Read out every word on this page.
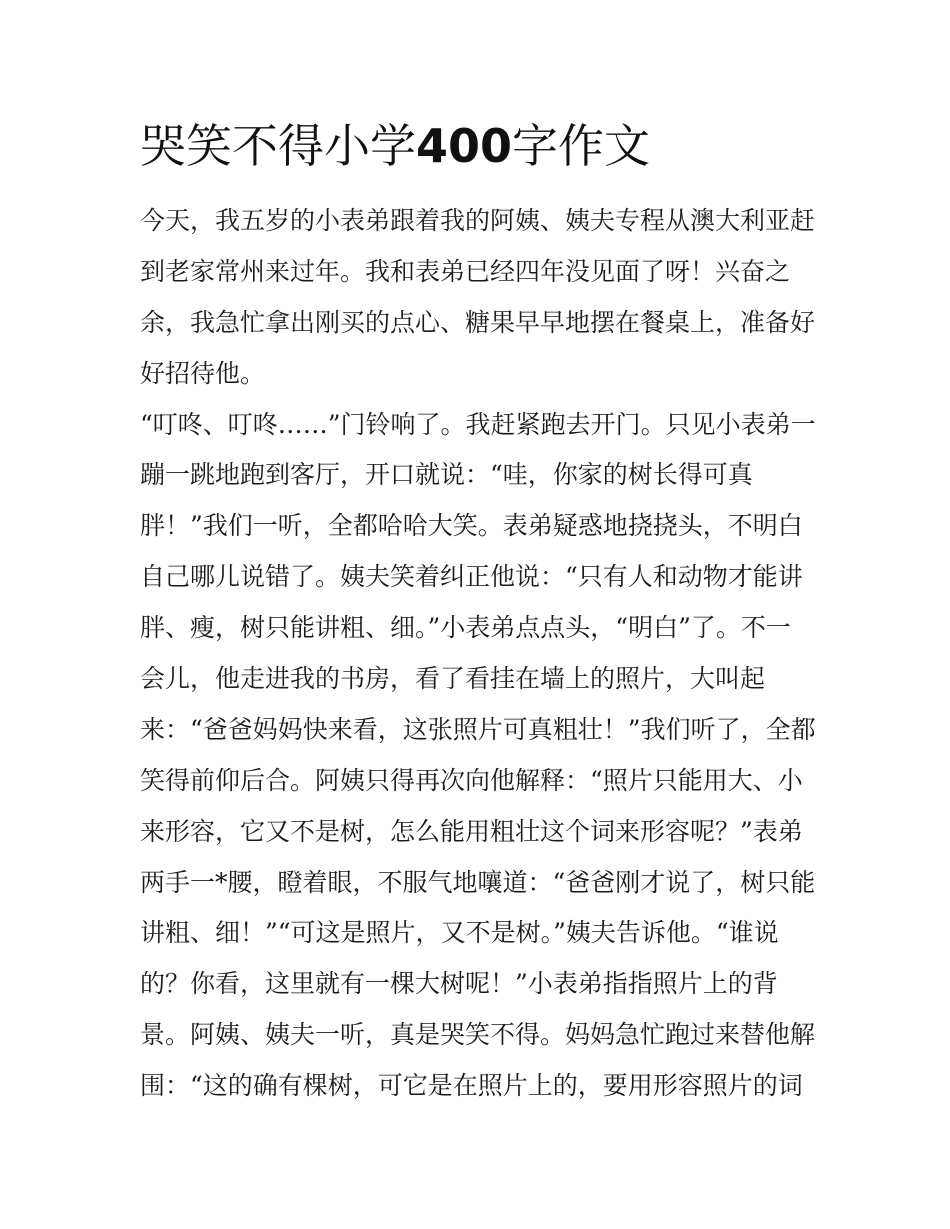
哭笑不得小学400字作文
今天，我五岁的小表弟跟着我的阿姨、姨夫专程从澳大利亚赶
到老家常州来过年。我和表弟已经四年没见面了呀！兴奋之
余，我急忙拿出刚买的点心、糖果早早地摆在餐桌上，准备好
好招待他。
“叮咚、叮咚……”门铃响了。我赶紧跑去开门。只见小表弟一
蹦一跳地跑到客厅，开口就说：“哇，你家的树长得可真
胖！”我们一听，全都哈哈大笑。表弟疑惑地挠挠头，不明白
自己哪儿说错了。姨夫笑着纠正他说：“只有人和动物才能讲
胖、瘦，树只能讲粗、细。”小表弟点点头，“明白”了。不一
会儿，他走进我的书房，看了看挂在墙上的照片，大叫起
来：“爸爸妈妈快来看，这张照片可真粗壮！”我们听了，全都
笑得前仰后合。阿姨只得再次向他解释：“照片只能用大、小
来形容，它又不是树，怎么能用粗壮这个词来形容呢？”表弟
两手一*腰，瞪着眼，不服气地嚷道：“爸爸刚才说了，树只能
讲粗、细！”“可这是照片，又不是树。”姨夫告诉他。“谁说
的？你看，这里就有一棵大树呢！”小表弟指指照片上的背
景。阿姨、姨夫一听，真是哭笑不得。妈妈急忙跑过来替他解
围：“这的确有棵树，可它是在照片上的，要用形容照片的词
